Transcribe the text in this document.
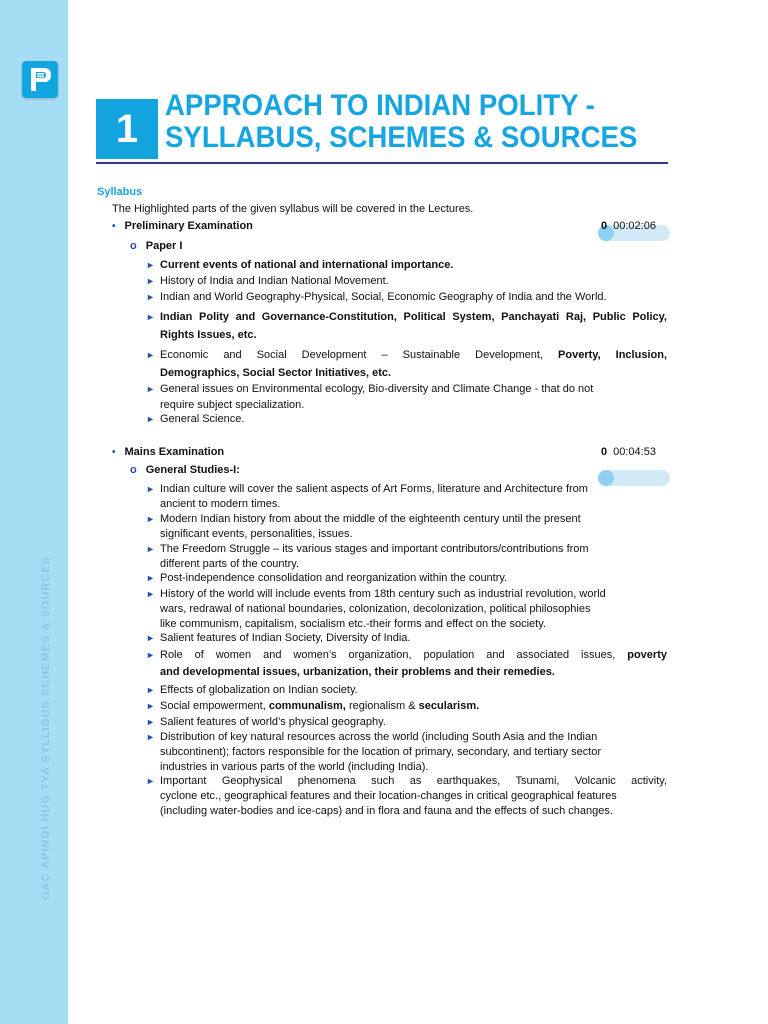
OAC APINDI HUG TYA SYLLIBUS SCHEMES & SOURCES
1
APPROACH TO INDIAN POLITY -
SYLLABUS, SCHEMES & SOURCES
Syllabus
The Highlighted parts of the given syllabus will be covered in the Lectures.
• Preliminary Examination	0 00:02:06
o Paper I
► Current events of national and international importance.
► History of India and Indian National Movement.
► Indian and World Geography-Physical, Social, Economic Geography of India and the World.
► Indian Polity and Governance-Constitution, Political System, Panchayati Raj, Public Policy,
Rights Issues, etc.
► Economic and Social Development – Sustainable Development, Poverty, Inclusion,
Demographics, Social Sector Initiatives, etc.
► General issues on Environmental ecology, Bio-diversity and Climate Change - that do not
require subject specialization.
► General Science.
• Mains Examination	0 00:04:53
o General Studies-I:
► Indian culture will cover the salient aspects of Art Forms, literature and Architecture from
ancient to modern times.
► Modern Indian history from about the middle of the eighteenth century until the present
significant events, personalities, issues.
► The Freedom Struggle – its various stages and important contributors/contributions from
different parts of the country.
► Post-independence consolidation and reorganization within the country.
► History of the world will include events from 18th century such as industrial revolution, world
wars, redrawal of national boundaries, colonization, decolonization, political philosophies
like communism, capitalism, socialism etc.-their forms and effect on the society.
► Salient features of Indian Society, Diversity of India.
► Role of women and women’s organization, population and associated issues, poverty
and developmental issues, urbanization, their problems and their remedies.
► Effects of globalization on Indian society.
► Social empowerment, communalism, regionalism & secularism.
► Salient features of world’s physical geography.
► Distribution of key natural resources across the world (including South Asia and the Indian
subcontinent); factors responsible for the location of primary, secondary, and tertiary sector
industries in various parts of the world (including India).
► Important Geophysical phenomena such as earthquakes, Tsunami, Volcanic activity,
cyclone etc., geographical features and their location-changes in critical geographical features
(including water-bodies and ice-caps) and in flora and fauna and the effects of such changes.
